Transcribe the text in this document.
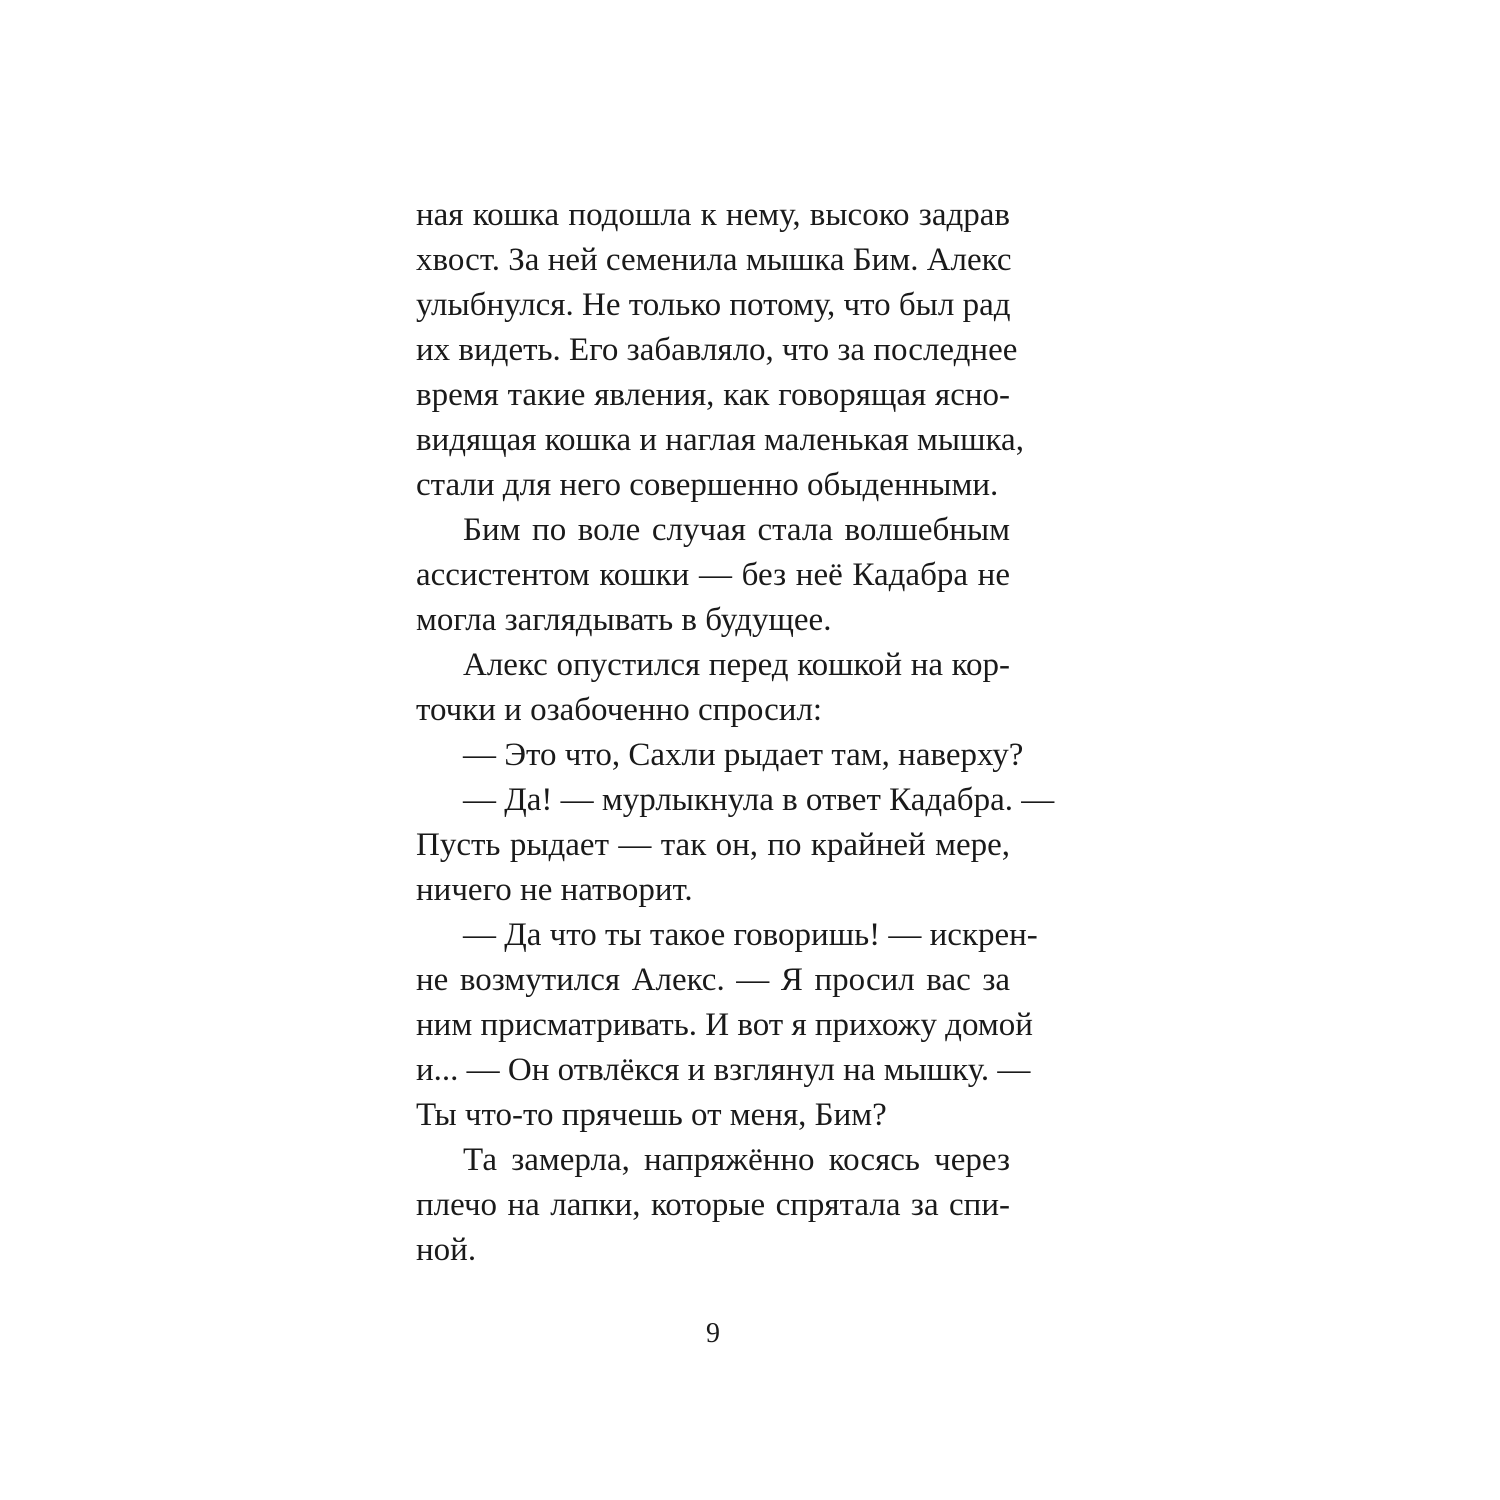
ная кошка подошла к нему, высоко задрав
хвост. За ней семенила мышка Бим. Алекс
улыбнулся. Не только потому, что был рад
их видеть. Его забавляло, что за последнее
время такие явления, как говорящая ясно-
видящая кошка и наглая маленькая мышка,
стали для него совершенно обыденными.
Бим по воле случая стала волшебным
ассистентом кошки — без неё Кадабра не
могла заглядывать в будущее.
Алекс опустился перед кошкой на кор-
точки и озабоченно спросил:
— Это что, Сахли рыдает там, наверху?
— Да! — мурлыкнула в ответ Кадабра. —
Пусть рыдает — так он, по крайней мере,
ничего не натворит.
— Да что ты такое говоришь! — искрен-
не возмутился Алекс. — Я просил вас за
ним присматривать. И вот я прихожу домой
и... — Он отвлёкся и взглянул на мышку. —
Ты что-то прячешь от меня, Бим?
Та замерла, напряжённо косясь через
плечо на лапки, которые спрятала за спи-
ной.
9
